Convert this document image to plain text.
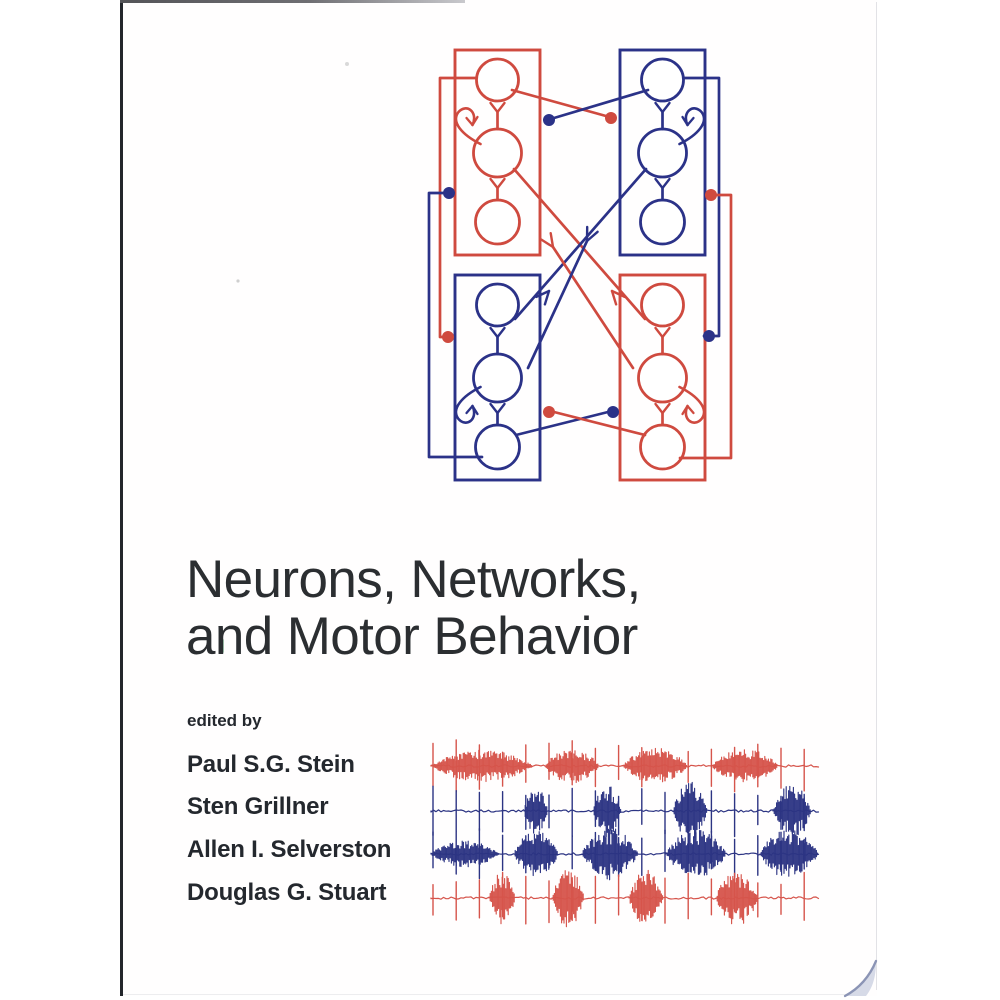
Neurons, Networks,
and Motor Behavior
edited by
Paul S.G. Stein
Sten Grillner
Allen I. Selverston
Douglas G. Stuart
